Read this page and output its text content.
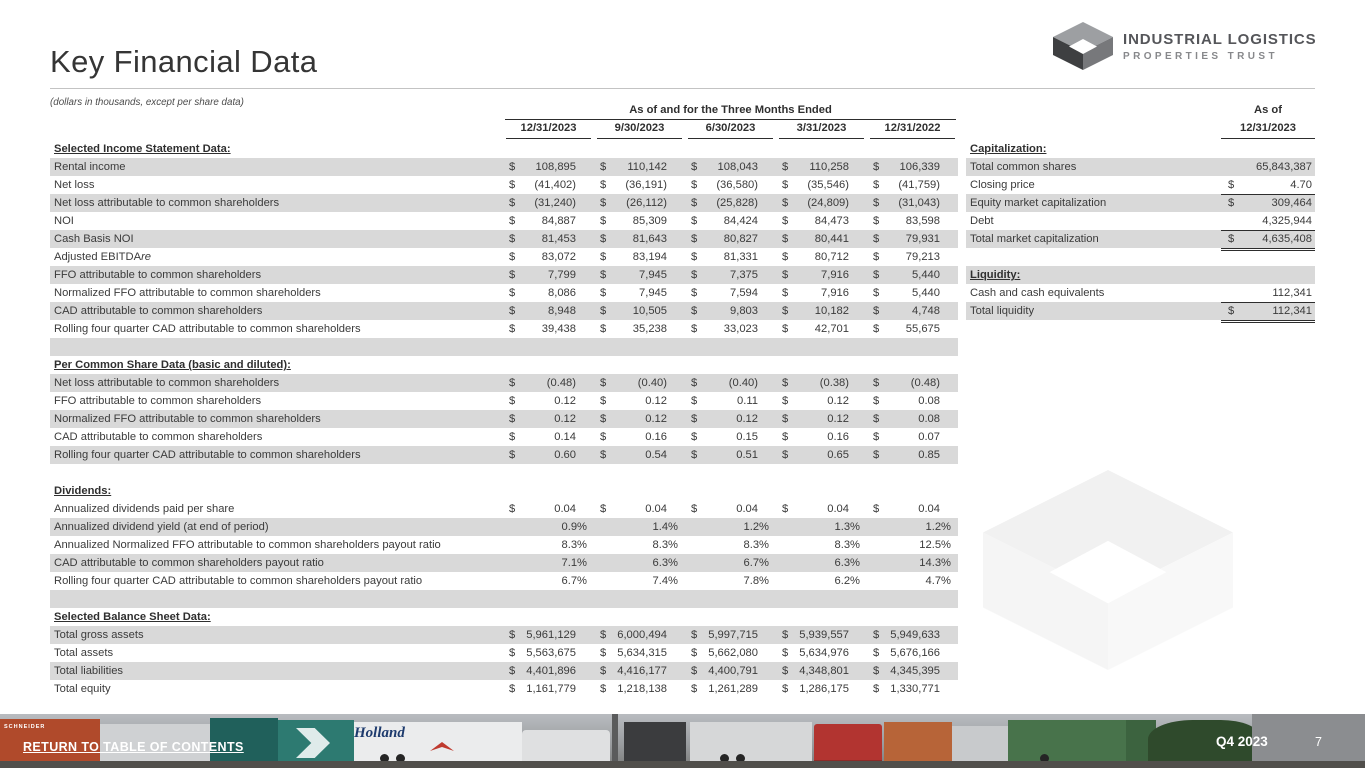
Key Financial Data
INDUSTRIAL LOGISTICS
PROPERTIES TRUST
(dollars in thousands, except per share data)
As of and for the Three Months Ended
12/31/2023	9/30/2023	6/30/2023	3/31/2023	12/31/2022
Selected Income Statement Data:
Rental income	$ 108,895	$ 110,142	$ 108,043	$ 110,258	$ 106,339
Net loss	$ (41,402)	$ (36,191)	$ (36,580)	$ (35,546)	$ (41,759)
Net loss attributable to common shareholders	$ (31,240)	$ (26,112)	$ (25,828)	$ (24,809)	$ (31,043)
NOI	$ 84,887	$ 85,309	$ 84,424	$ 84,473	$ 83,598
Cash Basis NOI	$ 81,453	$ 81,643	$ 80,827	$ 80,441	$ 79,931
Adjusted EBITDAre	$ 83,072	$ 83,194	$ 81,331	$ 80,712	$ 79,213
FFO attributable to common shareholders	$	7,799	$	7,945	$	7,375	$	7,916	$	5,440
Normalized FFO attributable to common shareholders	$	8,086	$	7,945	$	7,594	$	7,916	$	5,440
CAD attributable to common shareholders	$	8,948	$ 10,505	$	9,803	$ 10,182	$	4,748
Rolling four quarter CAD attributable to common shareholders	$ 39,438	$ 35,238	$ 33,023	$ 42,701	$ 55,675
Per Common Share Data (basic and diluted):
Net loss attributable to common shareholders	$	(0.48)	$	(0.40)	$	(0.40)	$	(0.38)	$	(0.48)
FFO attributable to common shareholders	$	0.12	$	0.12	$	0.11	$	0.12	$	0.08
Normalized FFO attributable to common shareholders	$	0.12	$	0.12	$	0.12	$	0.12	$	0.08
CAD attributable to common shareholders	$	0.14	$	0.16	$	0.15	$	0.16	$	0.07
Rolling four quarter CAD attributable to common shareholders	$	0.60	$	0.54	$	0.51	$	0.65	$	0.85
Dividends:
Annualized dividends paid per share	$	0.04	$	0.04	$	0.04	$	0.04	$	0.04
Annualized dividend yield (at end of period)	0.9%	1.4%	1.2%	1.3%	1.2%
Annualized Normalized FFO attributable to common shareholders payout ratio	8.3%	8.3%	8.3%	8.3%	12.5%
CAD attributable to common shareholders payout ratio	7.1%	6.3%	6.7%	6.3%	14.3%
Rolling four quarter CAD attributable to common shareholders payout ratio	6.7%	7.4%	7.8%	6.2%	4.7%
Selected Balance Sheet Data:
Total gross assets	$ 5,961,129	$ 6,000,494	$ 5,997,715	$ 5,939,557	$ 5,949,633
Total assets	$ 5,563,675	$ 5,634,315	$ 5,662,080	$ 5,634,976	$ 5,676,166
Total liabilities	$ 4,401,896	$ 4,416,177	$ 4,400,791	$ 4,348,801	$ 4,345,395
Total equity	$ 1,161,779	$ 1,218,138	$ 1,261,289	$ 1,286,175	$ 1,330,771
As of
12/31/2023
Capitalization:
Total common shares	65,843,387
Closing price	$	4.70
Equity market capitalization	$	309,464
Debt	4,325,944
Total market capitalization	$ 4,635,408
Liquidity:
Cash and cash equivalents	112,341
Total liquidity	$	112,341
Holland
SCHNEIDER
RETURN TO TABLE OF CONTENTS	Q4 2023	7
